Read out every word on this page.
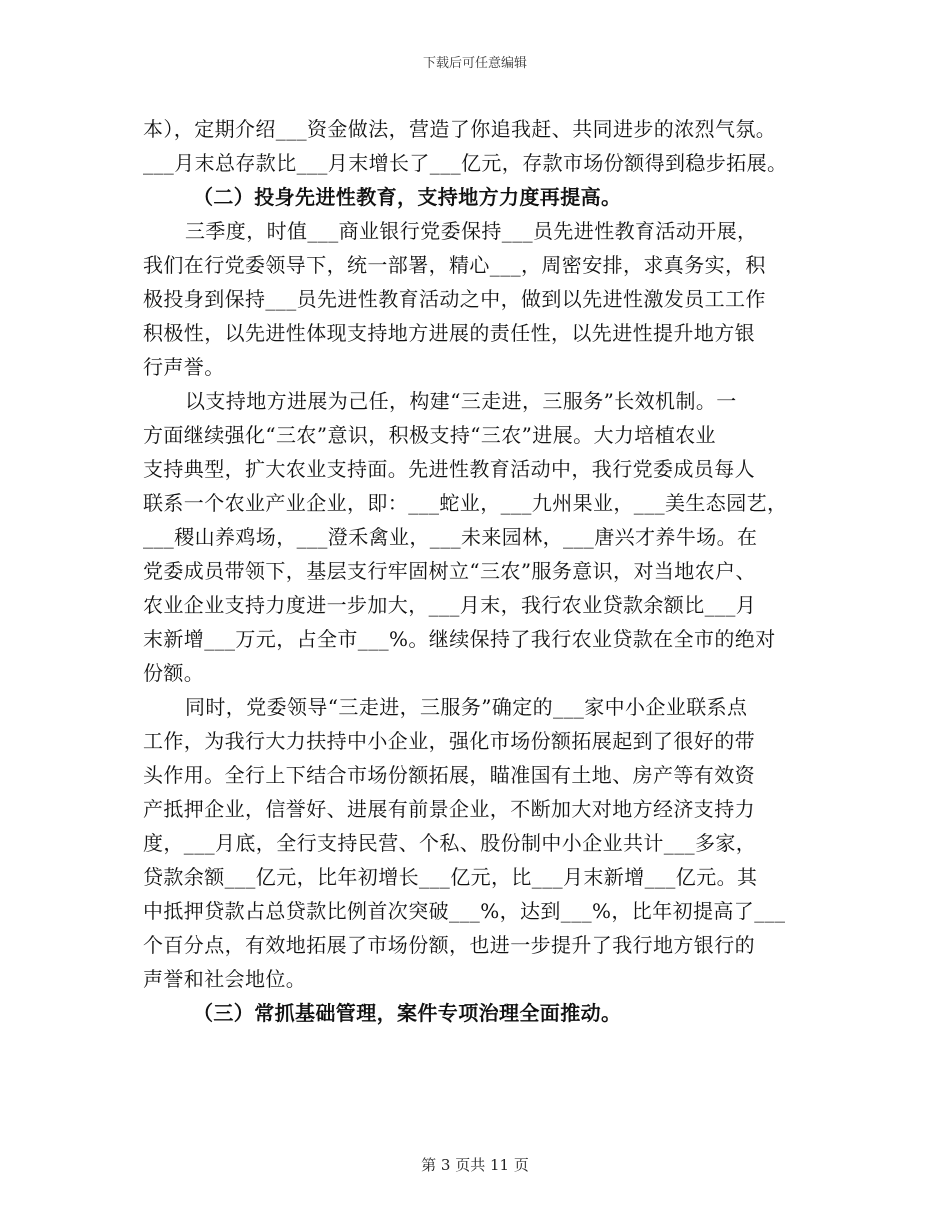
下载后可任意编辑
本），定期介绍___资金做法，营造了你追我赶、共同进步的浓烈气氛。
___月末总存款比___月末增长了___亿元，存款市场份额得到稳步拓展。
（二）投身先进性教育，支持地方力度再提高。
三季度，时值___商业银行党委保持___员先进性教育活动开展，
我们在行党委领导下，统一部署，精心___，周密安排，求真务实，积
极投身到保持___员先进性教育活动之中，做到以先进性激发员工工作
积极性，以先进性体现支持地方进展的责任性，以先进性提升地方银
行声誉。
以支持地方进展为己任，构建“三走进，三服务”长效机制。一
方面继续强化“三农”意识，积极支持“三农”进展。大力培植农业
支持典型，扩大农业支持面。先进性教育活动中，我行党委成员每人
联系一个农业产业企业，即：___蛇业，___九州果业，___美生态园艺，
___稷山养鸡场，___澄禾禽业，___未来园林，___唐兴才养牛场。在
党委成员带领下，基层支行牢固树立“三农”服务意识，对当地农户、
农业企业支持力度进一步加大，___月末，我行农业贷款余额比___月
末新增___万元，占全市___%。继续保持了我行农业贷款在全市的绝对
份额。
同时，党委领导“三走进，三服务”确定的___家中小企业联系点
工作，为我行大力扶持中小企业，强化市场份额拓展起到了很好的带
头作用。全行上下结合市场份额拓展，瞄准国有土地、房产等有效资
产抵押企业，信誉好、进展有前景企业，不断加大对地方经济支持力
度，___月底，全行支持民营、个私、股份制中小企业共计___多家，
贷款余额___亿元，比年初增长___亿元，比___月末新增___亿元。其
中抵押贷款占总贷款比例首次突破___%，达到___%，比年初提高了___
个百分点，有效地拓展了市场份额，也进一步提升了我行地方银行的
声誉和社会地位。
（三）常抓基础管理，案件专项治理全面推动。
第 3 页共 11 页
